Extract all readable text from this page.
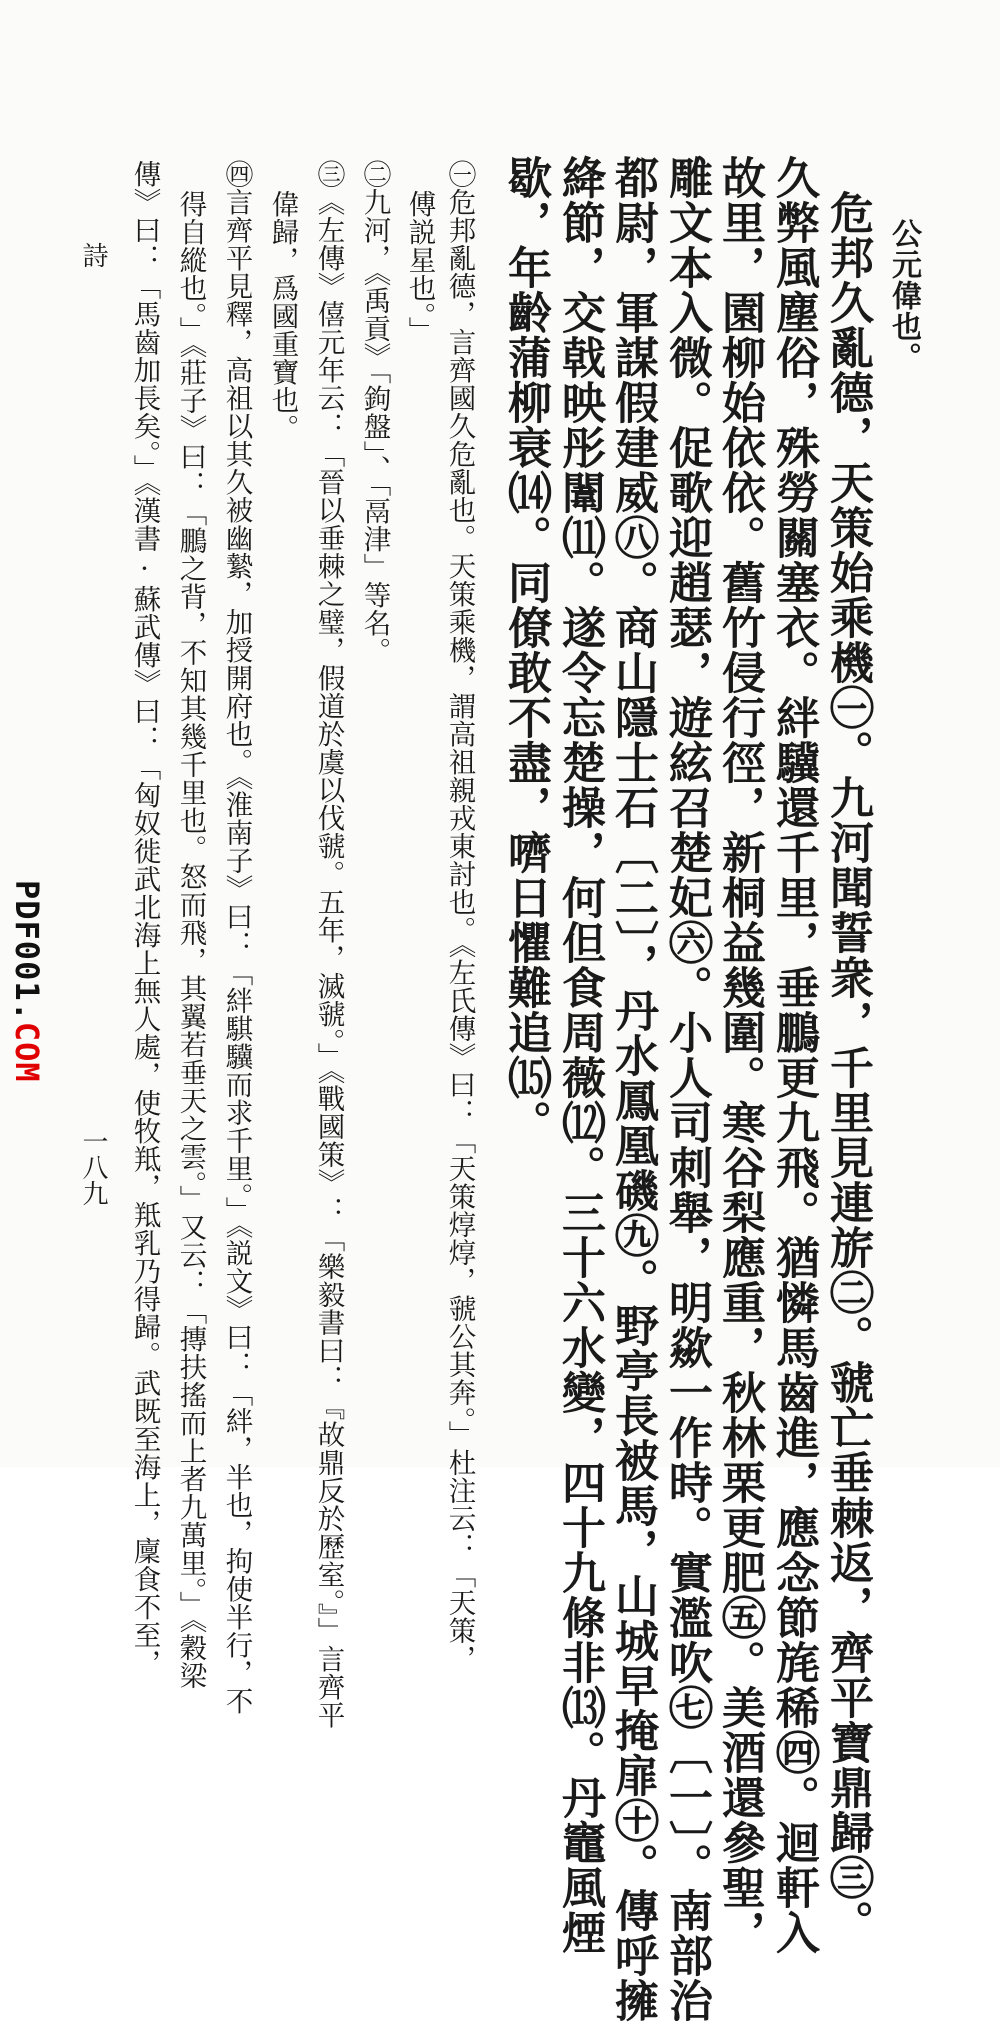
公元偉也。
危邦久亂德，天策始乘機㊀。九河聞誓衆，千里見連旂㊁。虢亡垂棘返，齊平寶鼎歸㊂。
久弊風塵俗，殊勞關塞衣。絆驥還千里，垂鵬更九飛。猶憐馬齒進，應念節旄稀㊃。迴軒入
故里，園柳始依依。舊竹侵行徑，新桐益幾圍。寒谷梨應重，秋林栗更肥㊄。美酒還參聖，
雕文本入微。促歌迎趙瑟，遊絃召楚妃㊅。小人司刺舉，明歘一作時。實濫吹㊆〔一〕。南部治
都尉，軍謀假建威㊇。商山隱士石〔二〕，丹水鳳凰磯㊈。野亭長被馬，山城早掩扉㊉。傳呼擁
絳節，交戟映彤闈⑾。遂令忘楚操，何但食周薇⑿。三十六水變，四十九條非⒀。丹竈風煙
歇，年齡蒲柳衰⒁。同僚敢不盡，嚌日懼難追⒂。
㊀危邦亂德，言齊國久危亂也。天策乘機，謂高祖親戎東討也。《左氏傳》曰：「天策焞焞，虢公其奔。」杜注云：「天策，
傅説星也。」
㊁九河，《禹貢》「鉤盤」、「鬲津」等名。
㊂《左傳》僖元年云：「晉以垂棘之璧，假道於虞以伐虢。五年，滅虢。」《戰國策》：「樂毅書曰：『故鼎反於歷室。』」言齊平
偉歸，爲國重寶也。
㊃言齊平見釋，高祖以其久被幽縶，加授開府也。《淮南子》曰：「絆騏驥而求千里。」《説文》曰：「絆，半也，拘使半行，不
得自縱也。」《莊子》曰：「鵬之背，不知其幾千里也。怒而飛，其翼若垂天之雲。」又云：「摶扶搖而上者九萬里。」《穀梁
傳》曰：「馬齒加長矣。」《漢書·蘇武傳》曰：「匈奴徙武北海上無人處，使牧羝，羝乳乃得歸。武既至海上，廩食不至，
詩
一八九
PDF001.COM
